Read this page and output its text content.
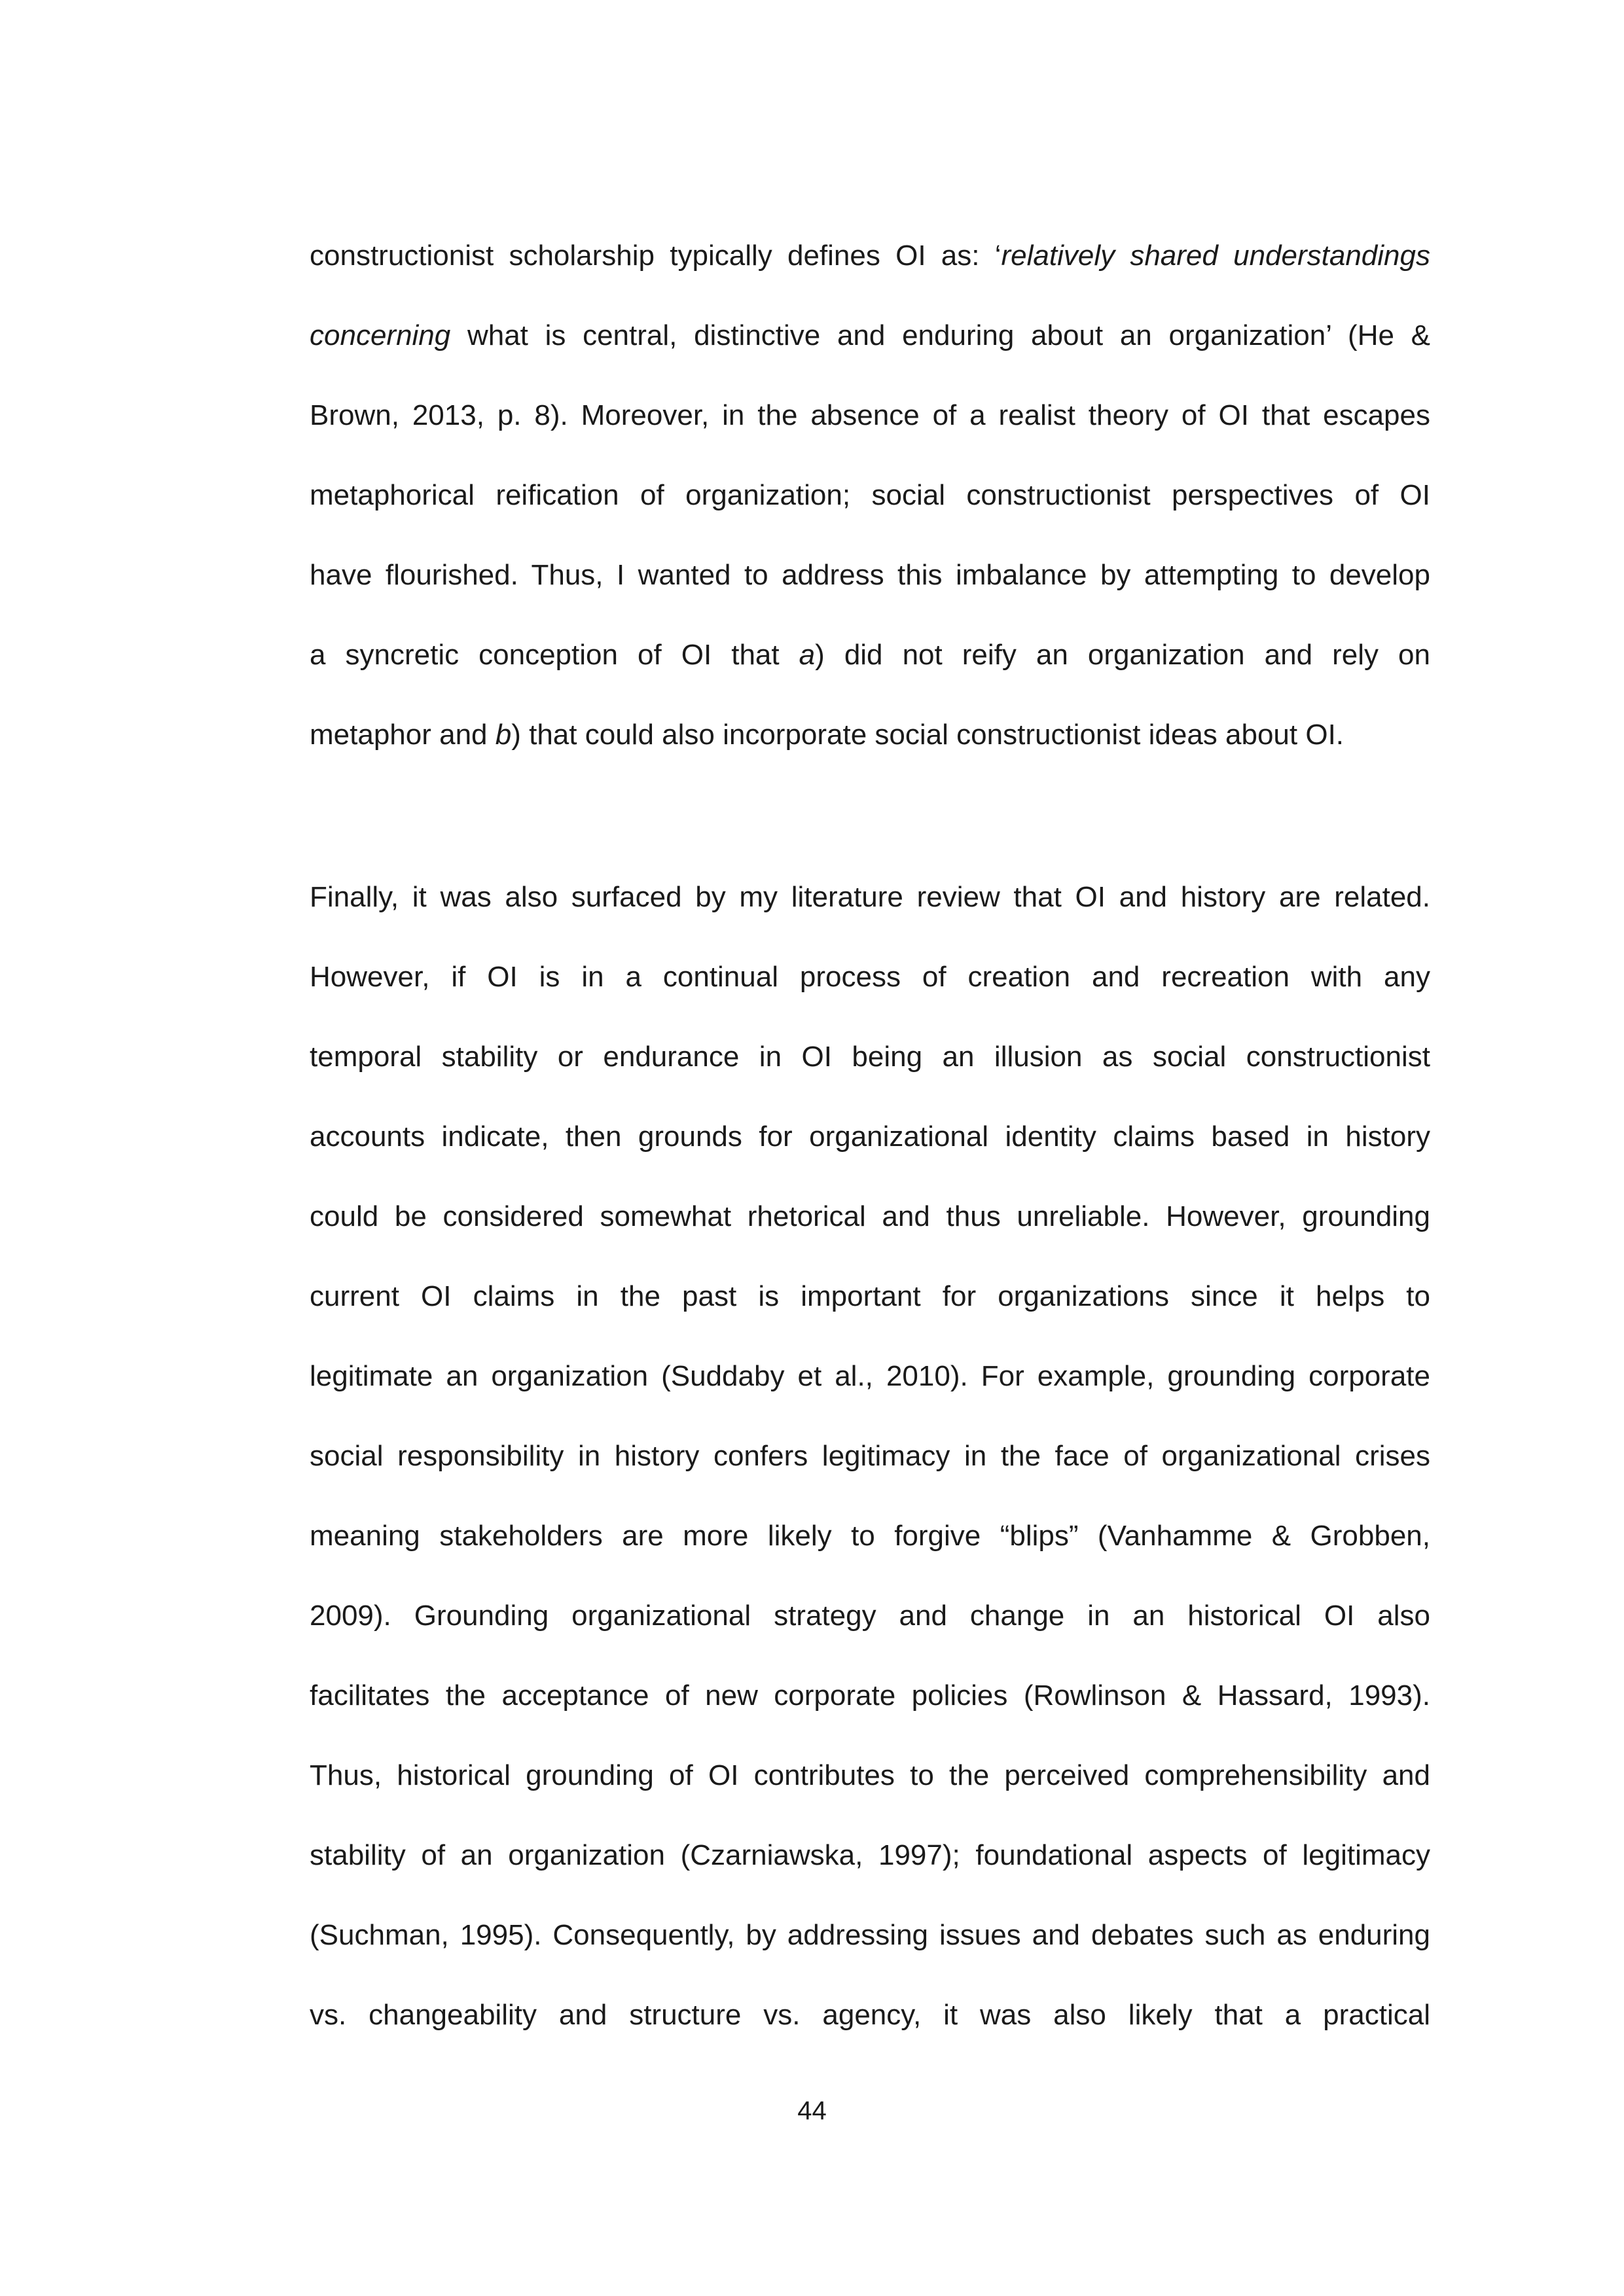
constructionist scholarship typically defines OI as: ‘relatively shared understandings
concerning what is central, distinctive and enduring about an organization’ (He &
Brown, 2013, p. 8). Moreover, in the absence of a realist theory of OI that escapes
metaphorical reification of organization; social constructionist perspectives of OI
have flourished. Thus, I wanted to address this imbalance by attempting to develop
a syncretic conception of OI that a) did not reify an organization and rely on
metaphor and b) that could also incorporate social constructionist ideas about OI.
Finally, it was also surfaced by my literature review that OI and history are related.
However, if OI is in a continual process of creation and recreation with any
temporal stability or endurance in OI being an illusion as social constructionist
accounts indicate, then grounds for organizational identity claims based in history
could be considered somewhat rhetorical and thus unreliable. However, grounding
current OI claims in the past is important for organizations since it helps to
legitimate an organization (Suddaby et al., 2010). For example, grounding corporate
social responsibility in history confers legitimacy in the face of organizational crises
meaning stakeholders are more likely to forgive “blips” (Vanhamme & Grobben,
2009). Grounding organizational strategy and change in an historical OI also
facilitates the acceptance of new corporate policies (Rowlinson & Hassard, 1993).
Thus, historical grounding of OI contributes to the perceived comprehensibility and
stability of an organization (Czarniawska, 1997); foundational aspects of legitimacy
(Suchman, 1995). Consequently, by addressing issues and debates such as enduring
vs. changeability and structure vs. agency, it was also likely that a practical
44
